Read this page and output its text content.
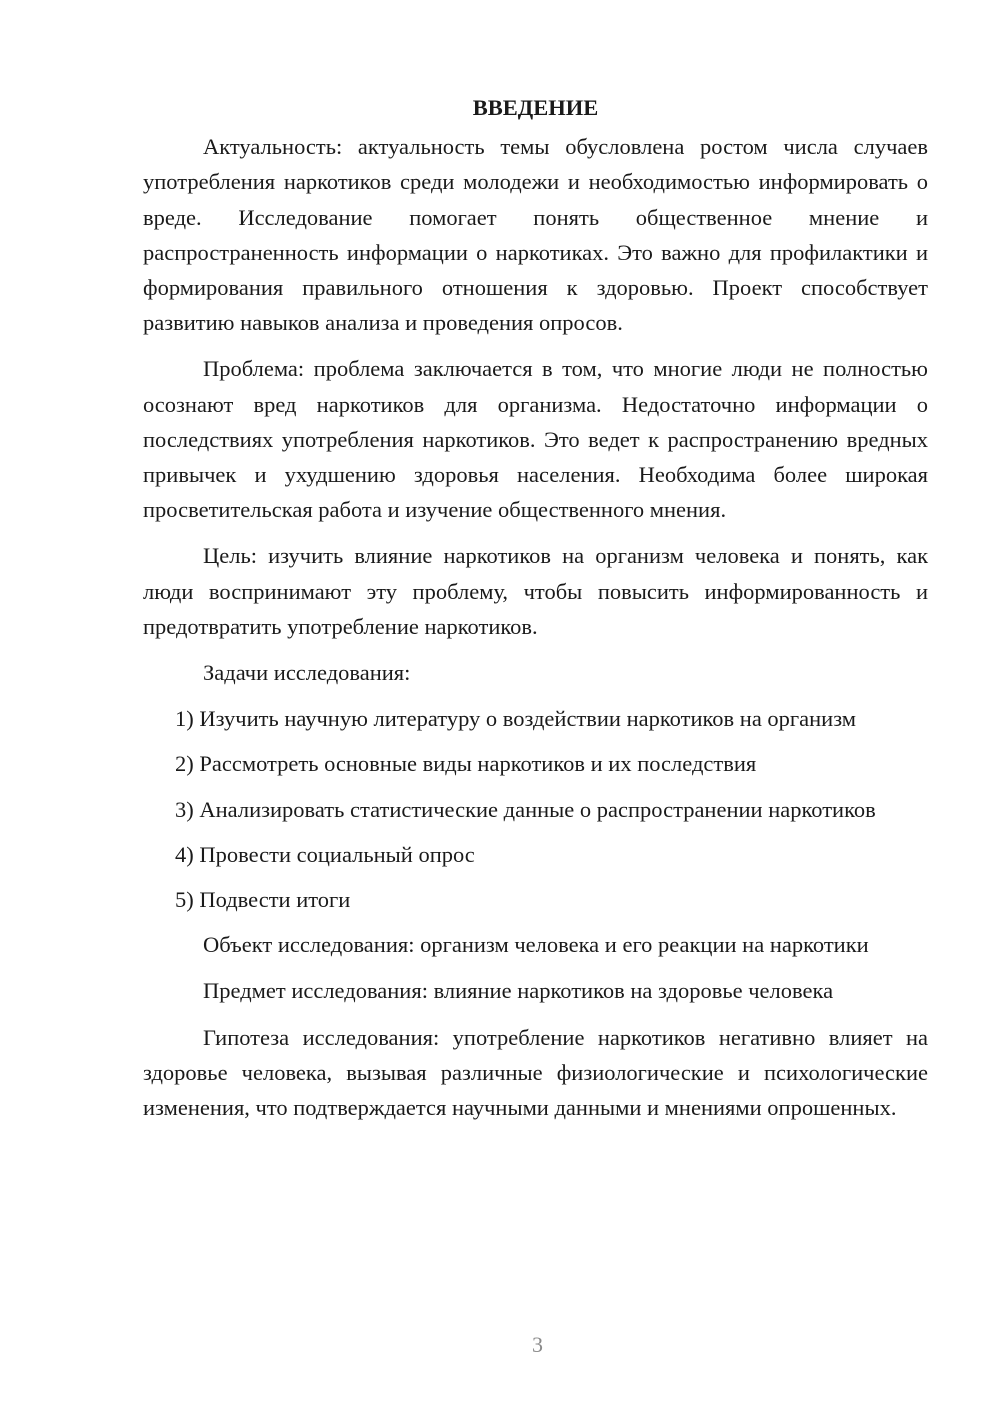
ВВЕДЕНИЕ

Актуальность: актуальность темы обусловлена ростом числа случаев употребления наркотиков среди молодежи и необходимостью информировать о вреде. Исследование помогает понять общественное мнение и распространенность информации о наркотиках. Это важно для профилактики и формирования правильного отношения к здоровью. Проект способствует развитию навыков анализа и проведения опросов.

Проблема: проблема заключается в том, что многие люди не полностью осознают вред наркотиков для организма. Недостаточно информации о последствиях употребления наркотиков. Это ведет к распространению вредных привычек и ухудшению здоровья населения. Необходима более широкая просветительская работа и изучение общественного мнения.

Цель: изучить влияние наркотиков на организм человека и понять, как люди воспринимают эту проблему, чтобы повысить информированность и предотвратить употребление наркотиков.

Задачи исследования:

1) Изучить научную литературу о воздействии наркотиков на организм

2) Рассмотреть основные виды наркотиков и их последствия

3) Анализировать статистические данные о распространении наркотиков

4) Провести социальный опрос

5) Подвести итоги

Объект исследования: организм человека и его реакции на наркотики

Предмет исследования: влияние наркотиков на здоровье человека

Гипотеза исследования: употребление наркотиков негативно влияет на здоровье человека, вызывая различные физиологические и психологические изменения, что подтверждается научными данными и мнениями опрошенных.

3
